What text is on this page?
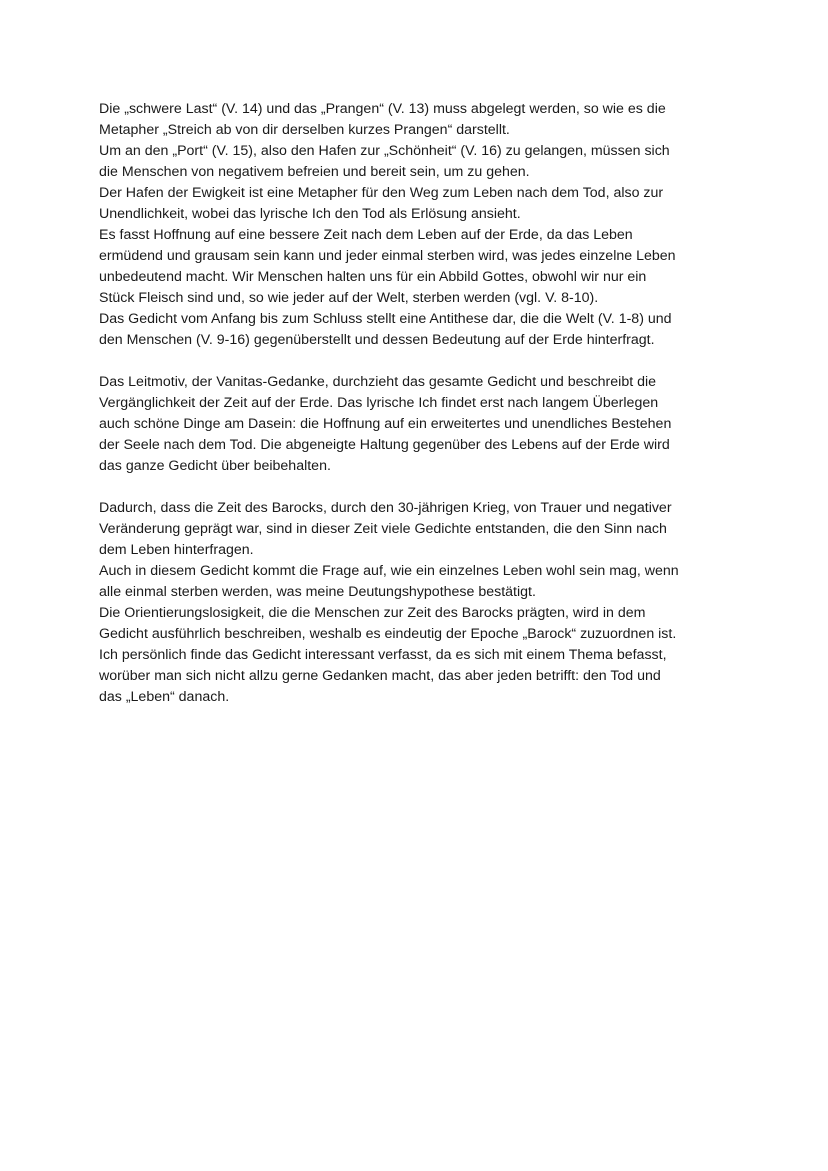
Die „schwere Last“ (V. 14) und das „Prangen“ (V. 13) muss abgelegt werden, so wie es die

Metapher „Streich ab von dir derselben kurzes Prangen“ darstellt.

Um an den „Port“ (V. 15), also den Hafen zur „Schönheit“ (V. 16) zu gelangen, müssen sich

die Menschen von negativem befreien und bereit sein, um zu gehen.

Der Hafen der Ewigkeit ist eine Metapher für den Weg zum Leben nach dem Tod, also zur

Unendlichkeit, wobei das lyrische Ich den Tod als Erlösung ansieht.

Es fasst Hoffnung auf eine bessere Zeit nach dem Leben auf der Erde, da das Leben

ermüdend und grausam sein kann und jeder einmal sterben wird, was jedes einzelne Leben

unbedeutend macht. Wir Menschen halten uns für ein Abbild Gottes, obwohl wir nur ein

Stück Fleisch sind und, so wie jeder auf der Welt, sterben werden (vgl. V. 8-10).

Das Gedicht vom Anfang bis zum Schluss stellt eine Antithese dar, die die Welt (V. 1-8) und

den Menschen (V. 9-16) gegenüberstellt und dessen Bedeutung auf der Erde hinterfragt.

Das Leitmotiv, der Vanitas-Gedanke, durchzieht das gesamte Gedicht und beschreibt die

Vergänglichkeit der Zeit auf der Erde. Das lyrische Ich findet erst nach langem Überlegen

auch schöne Dinge am Dasein: die Hoffnung auf ein erweitertes und unendliches Bestehen

der Seele nach dem Tod. Die abgeneigte Haltung gegenüber des Lebens auf der Erde wird

das ganze Gedicht über beibehalten.

Dadurch, dass die Zeit des Barocks, durch den 30-jährigen Krieg, von Trauer und negativer

Veränderung geprägt war, sind in dieser Zeit viele Gedichte entstanden, die den Sinn nach

dem Leben hinterfragen.

Auch in diesem Gedicht kommt die Frage auf, wie ein einzelnes Leben wohl sein mag, wenn

alle einmal sterben werden, was meine Deutungshypothese bestätigt.

Die Orientierungslosigkeit, die die Menschen zur Zeit des Barocks prägten, wird in dem

Gedicht ausführlich beschreiben, weshalb es eindeutig der Epoche „Barock“ zuzuordnen ist.

Ich persönlich finde das Gedicht interessant verfasst, da es sich mit einem Thema befasst,

worüber man sich nicht allzu gerne Gedanken macht, das aber jeden betrifft: den Tod und

das „Leben“ danach.
